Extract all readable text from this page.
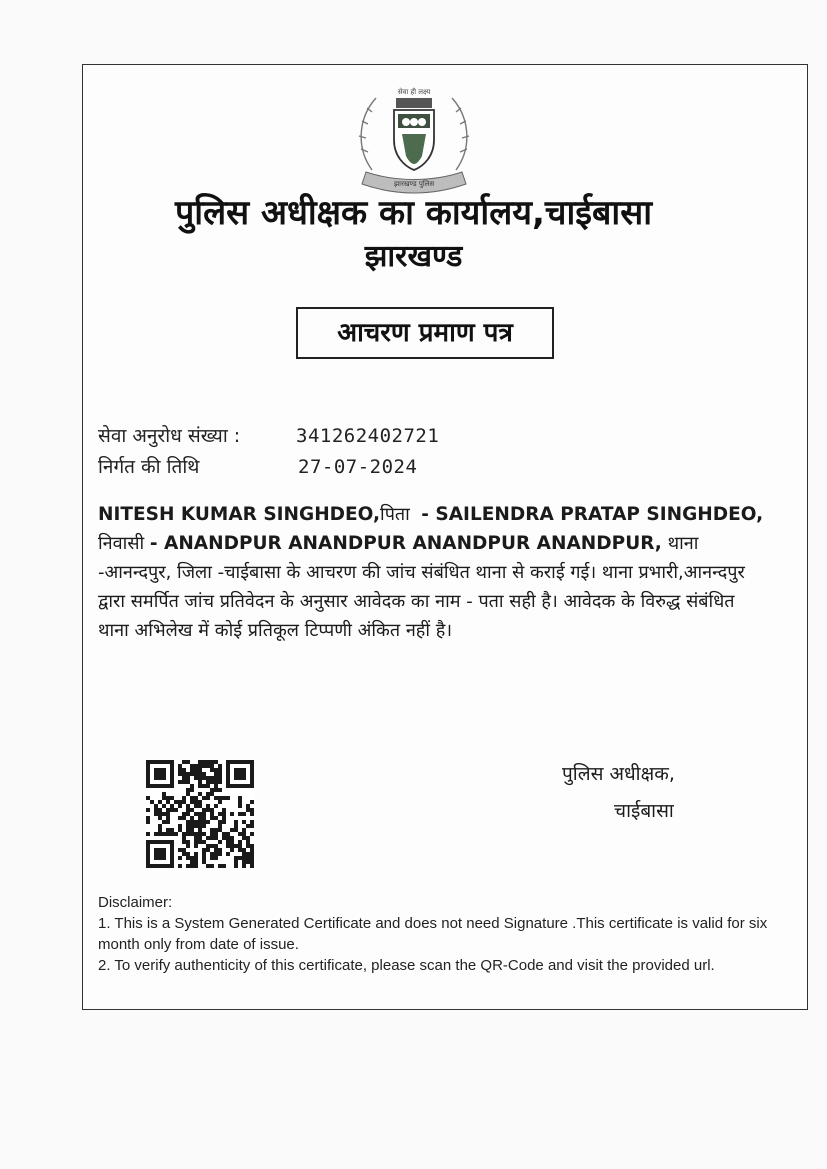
सेवा ही लक्ष्य
झारखण्ड पुलिस
पुलिस अधीक्षक का कार्यालय,चाईबासा
झारखण्ड
आचरण प्रमाण पत्र
सेवा अनुरोध संख्या :	341262402721
निर्गत की तिथि	27-07-2024
NITESH KUMAR SINGHDEO,पिता - SAILENDRA PRATAP SINGHDEO, निवासी - ANANDPUR ANANDPUR ANANDPUR ANANDPUR, थाना -आनन्दपुर, जिला -चाईबासा के आचरण की जांच संबंधित थाना से कराई गई। थाना प्रभारी,आनन्दपुर द्वारा समर्पित जांच प्रतिवेदन के अनुसार आवेदक का नाम - पता सही है। आवेदक के विरुद्ध संबंधित थाना अभिलेख में कोई प्रतिकूल टिप्पणी अंकित नहीं है।
पुलिस अधीक्षक,
चाईबासा
Disclaimer:
1. This is a System Generated Certificate and does not need Signature .This certificate is valid for six month only from date of issue.
2. To verify authenticity of this certificate, please scan the QR-Code and visit the provided url.
